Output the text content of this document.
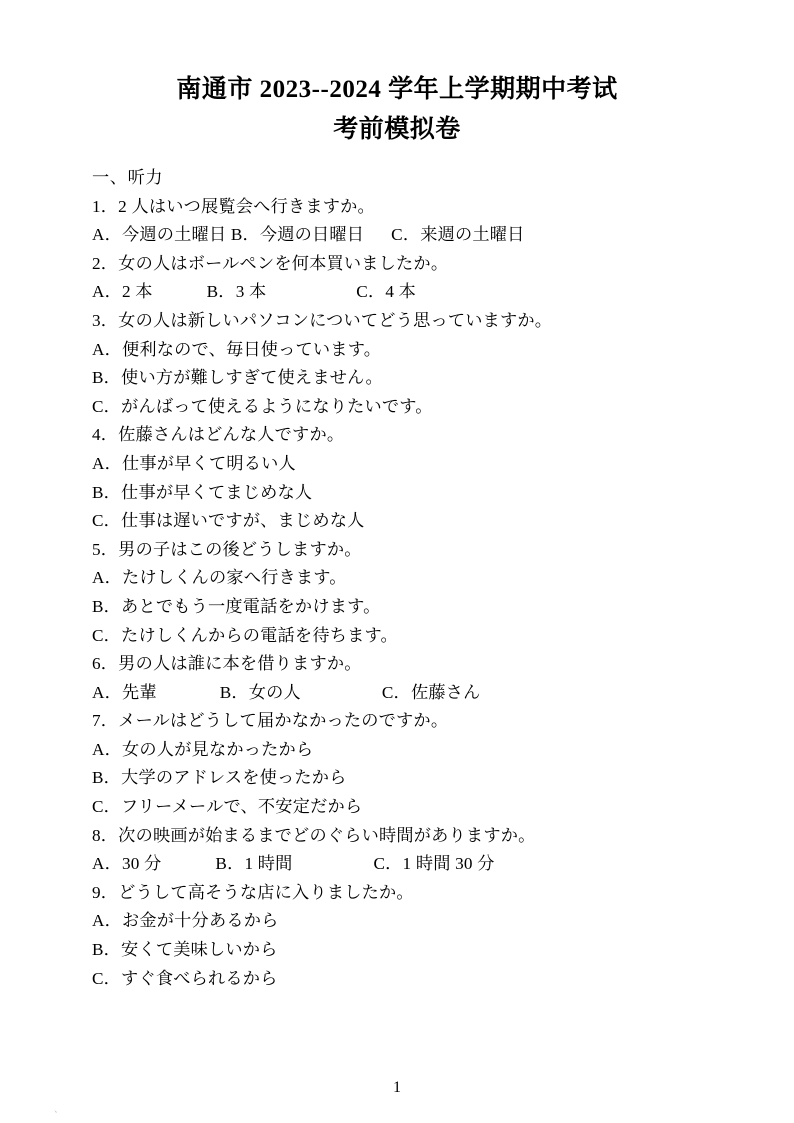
南通市 2023--2024 学年上学期期中考试
考前模拟卷
一、听力
1．2 人はいつ展覧会へ行きますか。
A．今週の土曜日 B．今週の日曜日      C．来週の土曜日
2．女の人はボールペンを何本買いましたか。
A．2 本            B．3 本                    C．4 本
3．女の人は新しいパソコンについてどう思っていますか。
A．便利なので、毎日使っています。
B．使い方が難しすぎて使えません。
C．がんばって使えるようになりたいです。
4．佐藤さんはどんな人ですか。
A．仕事が早くて明るい人
B．仕事が早くてまじめな人
C．仕事は遅いですが、まじめな人
5．男の子はこの後どうしますか。
A．たけしくんの家へ行きます。
B．あとでもう一度電話をかけます。
C．たけしくんからの電話を待ちます。
6．男の人は誰に本を借りますか。
A．先輩              B．女の人                  C．佐藤さん
7．メールはどうして届かなかったのですか。
A．女の人が見なかったから
B．大学のアドレスを使ったから
C．フリーメールで、不安定だから
8．次の映画が始まるまでどのぐらい時間がありますか。
A．30 分            B．1 時間                  C．1 時間 30 分
9．どうして高そうな店に入りましたか。
A．お金が十分あるから
B．安くて美味しいから
C．すぐ食べられるから
、
1
